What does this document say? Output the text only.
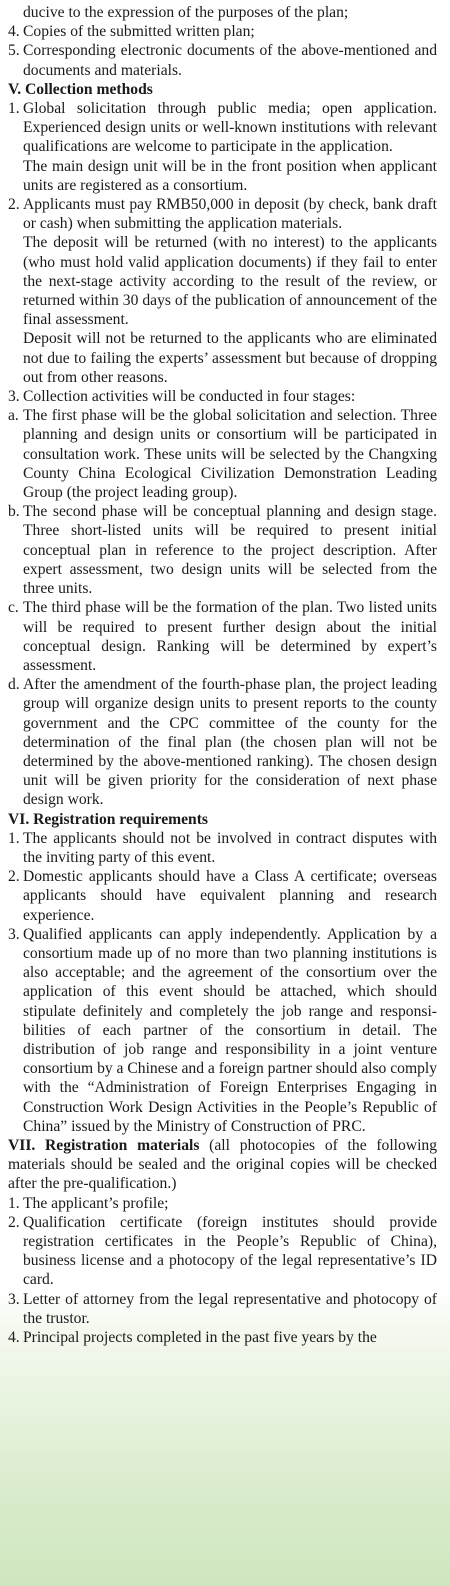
ducive to the expression of the purposes of the plan;
4. Copies of the submitted written plan;
5. Corresponding electronic documents of the above-mentioned and documents and materials.
V. Collection methods
1. Global solicitation through public media; open application. Experienced design units or well-known institutions with relevant qualifications are welcome to participate in the application.
The main design unit will be in the front position when applicant units are registered as a consortium.
2. Applicants must pay RMB50,000 in deposit (by check, bank draft or cash) when submitting the application materials.
The deposit will be returned (with no interest) to the applicants (who must hold valid application documents) if they fail to enter the next-stage activity according to the result of the review, or returned within 30 days of the publication of announcement of the final assessment.
Deposit will not be returned to the applicants who are eliminated not due to failing the experts’ assessment but because of dropping out from other reasons.
3. Collection activities will be conducted in four stages:
a. The first phase will be the global solicitation and selection. Three planning and design units or consortium will be participated in consultation work. These units will be selected by the Changxing County China Ecological Civilization Demonstration Leading Group (the project leading group).
b. The second phase will be conceptual planning and design stage. Three short-listed units will be required to present initial conceptual plan in reference to the project description. After expert assessment, two design units will be selected from the three units.
c. The third phase will be the formation of the plan. Two listed units will be required to present further design about the initial conceptual design. Ranking will be determined by expert’s assessment.
d. After the amendment of the fourth-phase plan, the project leading group will organize design units to present reports to the county government and the CPC committee of the county for the determination of the final plan (the chosen plan will not be determined by the above-mentioned ranking). The chosen design unit will be given priority for the consideration of next phase design work.
VI. Registration requirements
1. The applicants should not be involved in contract disputes with the inviting party of this event.
2. Domestic applicants should have a Class A certificate; overseas applicants should have equivalent planning and research experience.
3. Qualified applicants can apply independently. Application by a consortium made up of no more than two planning institutions is also acceptable; and the agreement of the consortium over the application of this event should be attached, which should stipulate definitely and completely the job range and responsibilities of each partner of the consortium in detail. The distribution of job range and responsibility in a joint venture consortium by a Chinese and a foreign partner should also comply with the “Administration of Foreign Enterprises Engaging in Construction Work Design Activities in the People’s Republic of China” issued by the Ministry of Construction of PRC.
VII. Registration materials (all photocopies of the following materials should be sealed and the original copies will be checked after the pre-qualification.)
1. The applicant’s profile;
2. Qualification certificate (foreign institutes should provide registration certificates in the People’s Republic of China), business license and a photocopy of the legal representative’s ID card.
3. Letter of attorney from the legal representative and photocopy of the trustor.
4. Principal projects completed in the past five years by the
